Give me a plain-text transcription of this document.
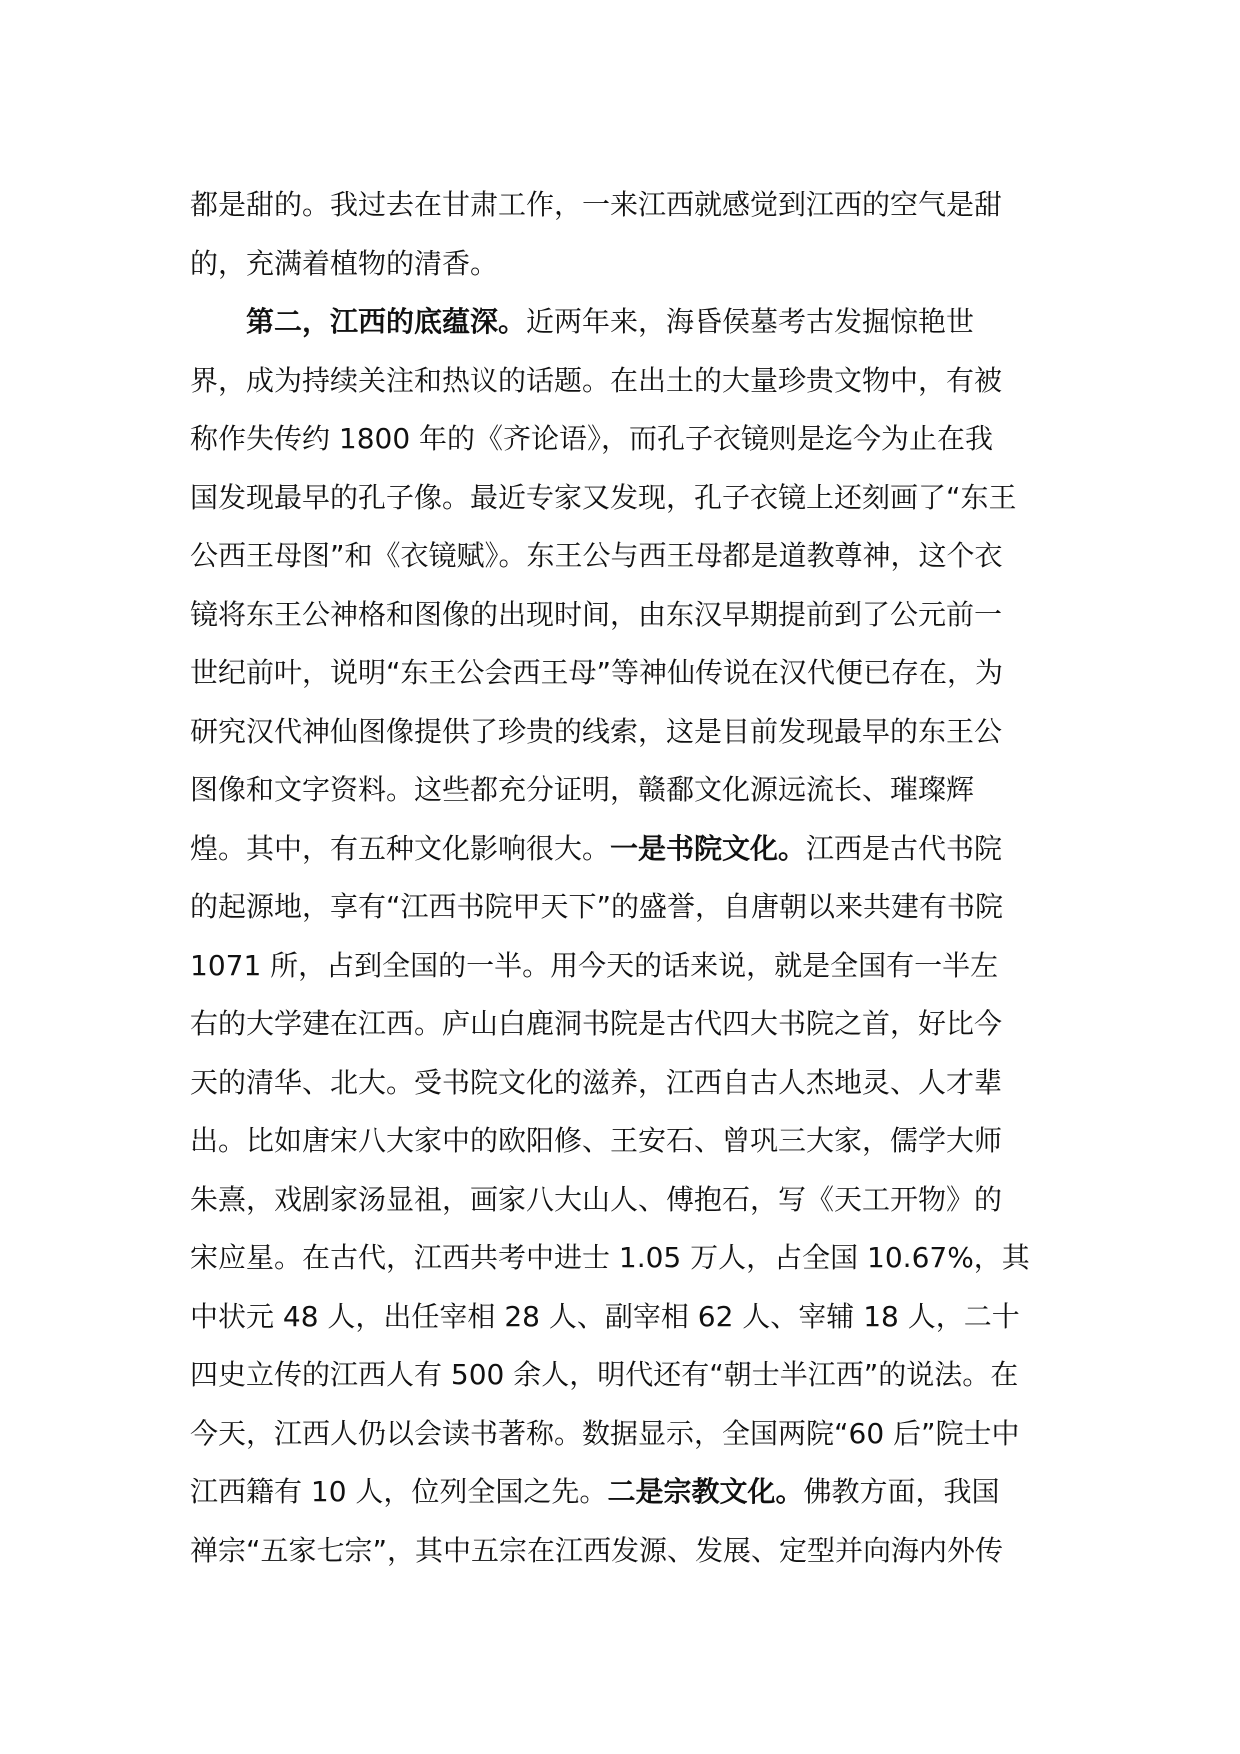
都是甜的。我过去在甘肃工作，一来江西就感觉到江西的空气是甜
的，充满着植物的清香。
第二，江西的底蕴深。近两年来，海昏侯墓考古发掘惊艳世
界，成为持续关注和热议的话题。在出土的大量珍贵文物中，有被
称作失传约 1800 年的《齐论语》，而孔子衣镜则是迄今为止在我
国发现最早的孔子像。最近专家又发现，孔子衣镜上还刻画了“东王
公西王母图”和《衣镜赋》。东王公与西王母都是道教尊神，这个衣
镜将东王公神格和图像的出现时间，由东汉早期提前到了公元前一
世纪前叶，说明“东王公会西王母”等神仙传说在汉代便已存在，为
研究汉代神仙图像提供了珍贵的线索，这是目前发现最早的东王公
图像和文字资料。这些都充分证明，赣鄱文化源远流长、璀璨辉
煌。其中，有五种文化影响很大。一是书院文化。江西是古代书院
的起源地，享有“江西书院甲天下”的盛誉，自唐朝以来共建有书院
1071 所，占到全国的一半。用今天的话来说，就是全国有一半左
右的大学建在江西。庐山白鹿洞书院是古代四大书院之首，好比今
天的清华、北大。受书院文化的滋养，江西自古人杰地灵、人才辈
出。比如唐宋八大家中的欧阳修、王安石、曾巩三大家，儒学大师
朱熹，戏剧家汤显祖，画家八大山人、傅抱石，写《天工开物》的
宋应星。在古代，江西共考中进士 1.05 万人，占全国 10.67%，其
中状元 48 人，出任宰相 28 人、副宰相 62 人、宰辅 18 人，二十
四史立传的江西人有 500 余人，明代还有“朝士半江西”的说法。在
今天，江西人仍以会读书著称。数据显示，全国两院“60 后”院士中
江西籍有 10 人，位列全国之先。二是宗教文化。佛教方面，我国
禅宗“五家七宗”，其中五宗在江西发源、发展、定型并向海内外传
